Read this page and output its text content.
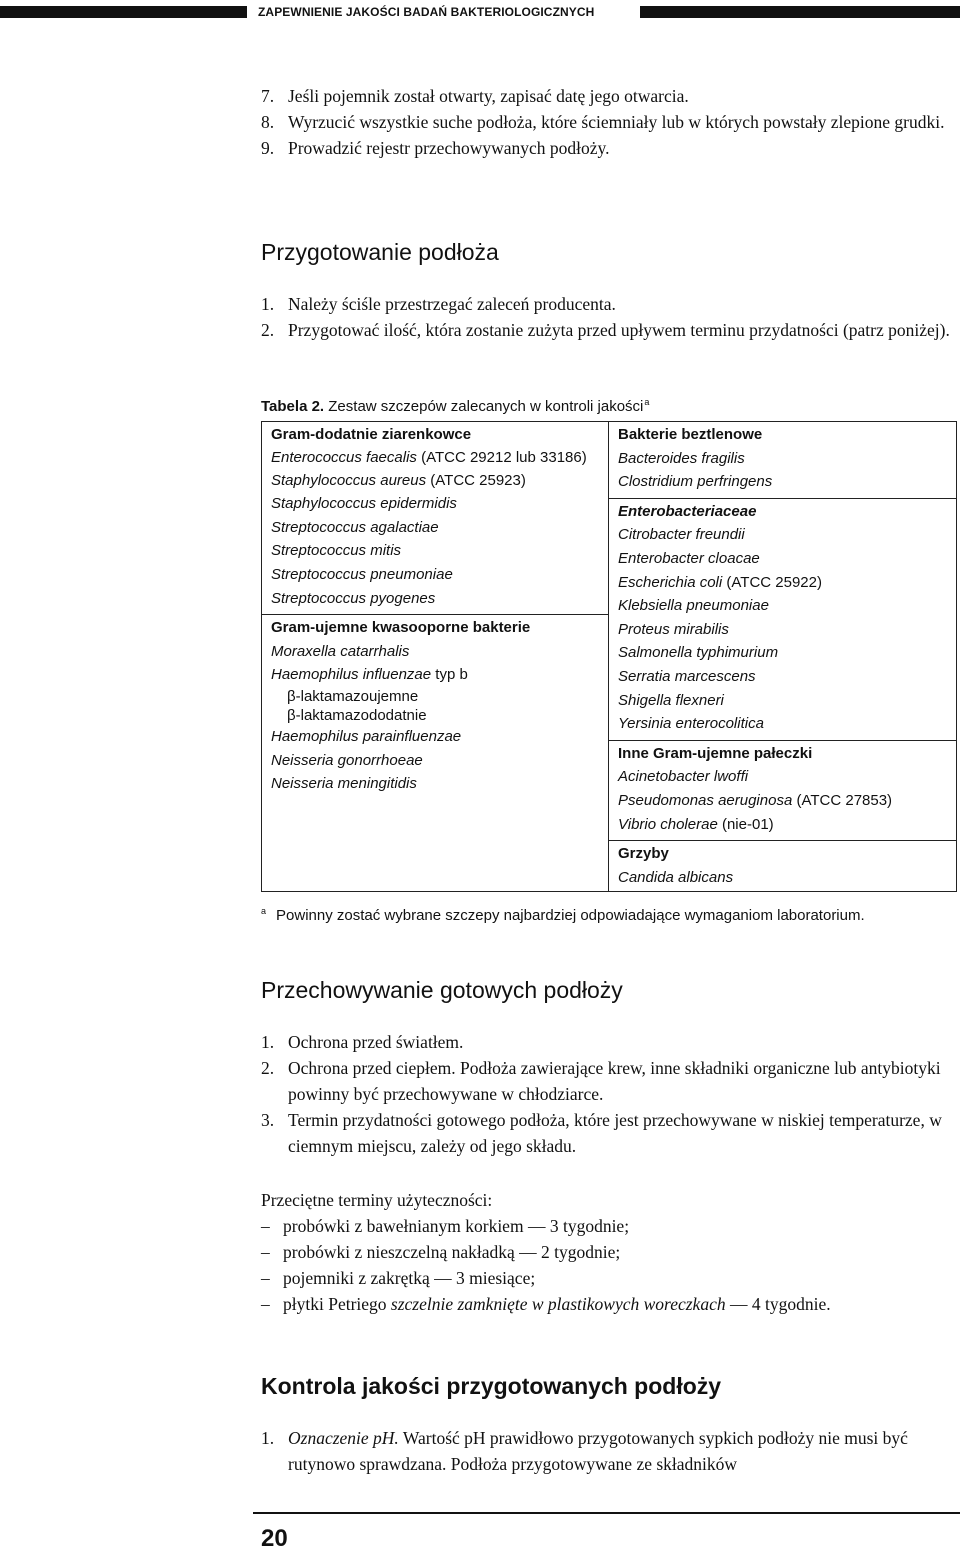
ZAPEWNIENIE JAKOŚCI BADAŃ BAKTERIOLOGICZNYCH
7. Jeśli pojemnik został otwarty, zapisać datę jego otwarcia.
8. Wyrzucić wszystkie suche podłoża, które ściemniały lub w których powstały zlepione grudki.
9. Prowadzić rejestr przechowywanych podłoży.
Przygotowanie podłoża
1. Należy ściśle przestrzegać zaleceń producenta.
2. Przygotować ilość, która zostanie zużyta przed upływem terminu przydatności (patrz poniżej).
Tabela 2. Zestaw szczepów zalecanych w kontroli jakości$^a$
Gram-dodatnie ziarenkowce
Enterococcus faecalis (ATCC 29212 lub 33186)
Staphylococcus aureus (ATCC 25923)
Staphylococcus epidermidis
Streptococcus agalactiae
Streptococcus mitis
Streptococcus pneumoniae
Streptococcus pyogenes
Gram-ujemne kwasooporne bakterie
Moraxella catarrhalis
Haemophilus influenzae typ b
β-laktamazoujemne
β-laktamazododatnie
Haemophilus parainfluenzae
Neisseria gonorrhoeae
Neisseria meningitidis
Bakterie beztlenowe
Bacteroides fragilis
Clostridium perfringens
Enterobacteriaceae
Citrobacter freundii
Enterobacter cloacae
Escherichia coli (ATCC 25922)
Klebsiella pneumoniae
Proteus mirabilis
Salmonella typhimurium
Serratia marcescens
Shigella flexneri
Yersinia enterocolitica
Inne Gram-ujemne pałeczki
Acinetobacter lwoffi
Pseudomonas aeruginosa (ATCC 27853)
Vibrio cholerae (nie-01)
Grzyby
Candida albicans
$^a$ Powinny zostać wybrane szczepy najbardziej odpowiadające wymaganiom laboratorium.
Przechowywanie gotowych podłoży
1. Ochrona przed światłem.
2. Ochrona przed ciepłem. Podłoża zawierające krew, inne składniki organiczne lub antybiotyki powinny być przechowywane w chłodziarce.
3. Termin przydatności gotowego podłoża, które jest przechowywane w niskiej temperaturze, w ciemnym miejscu, zależy od jego składu.
Przeciętne terminy użyteczności:
– probówki z bawełnianym korkiem — 3 tygodnie;
– probówki z nieszczelną nakładką — 2 tygodnie;
– pojemniki z zakrętką — 3 miesiące;
– płytki Petriego szczelnie zamknięte w plastikowych woreczkach — 4 tygodnie.
Kontrola jakości przygotowanych podłoży
1. Oznaczenie pH. Wartość pH prawidłowo przygotowanych sypkich podłoży nie musi być rutynowo sprawdzana. Podłoża przygotowywane ze składników
20
